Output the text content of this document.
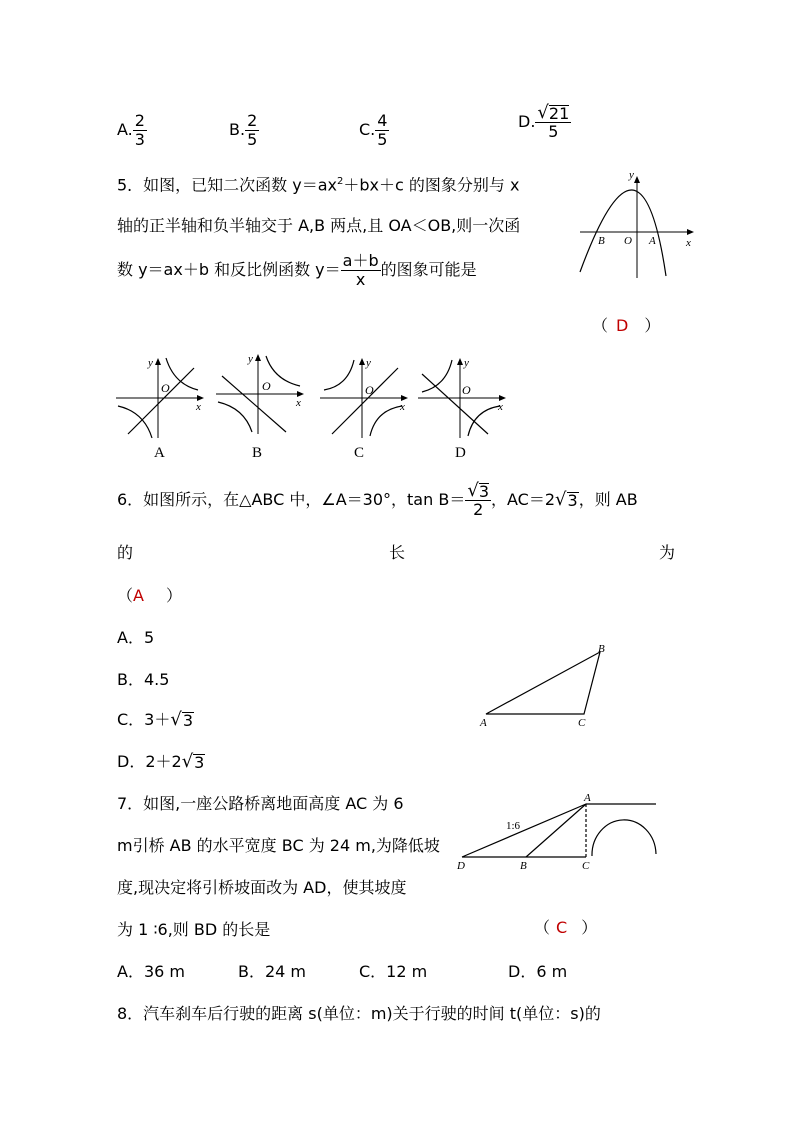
A. $\frac{2}{3}$	B. $\frac{2}{5}$	C. $\frac{4}{5}$	D. $\frac{√ 21}{5}$
5．如图，已知二次函数 $y=ax^2+bx+c$ 的图象分别与 x
轴的正半轴和负半轴交于 A,B 两点,且 OA＜OB,则一次函
数 y＝ax＋b 和反比例函数 $y= \frac{a+b}{x}$ 的图象可能是
（ D ）
y
x
O
B	A
O
y
x
A
O
y
x
B
O
y
x
C
O
y
x
D
6．如图所示，在△ABC 中，∠A＝30°，$\tan B= \frac{√ 3}{2}$ ，AC＝2 √ 3 ，则 AB
的	长	为
（A ）
A．5
B．4.5
C．3＋ √ 3
D．2＋2 √ 3
A	C
B
7．如图,一座公路桥离地面高度 AC 为 6
m引桥 AB 的水平宽度 BC 为 24 m,为降低坡
度,现决定将引桥坡面改为 AD，使其坡度
为 1 ∶6,则 BD 的长是	（ C ）
A．36 m	B．24 m	C．12 m	D．6 m
A
D	B	C
1:6
8．汽车刹车后行驶的距离 s(单位：m)关于行驶的时间 t(单位：s)的
